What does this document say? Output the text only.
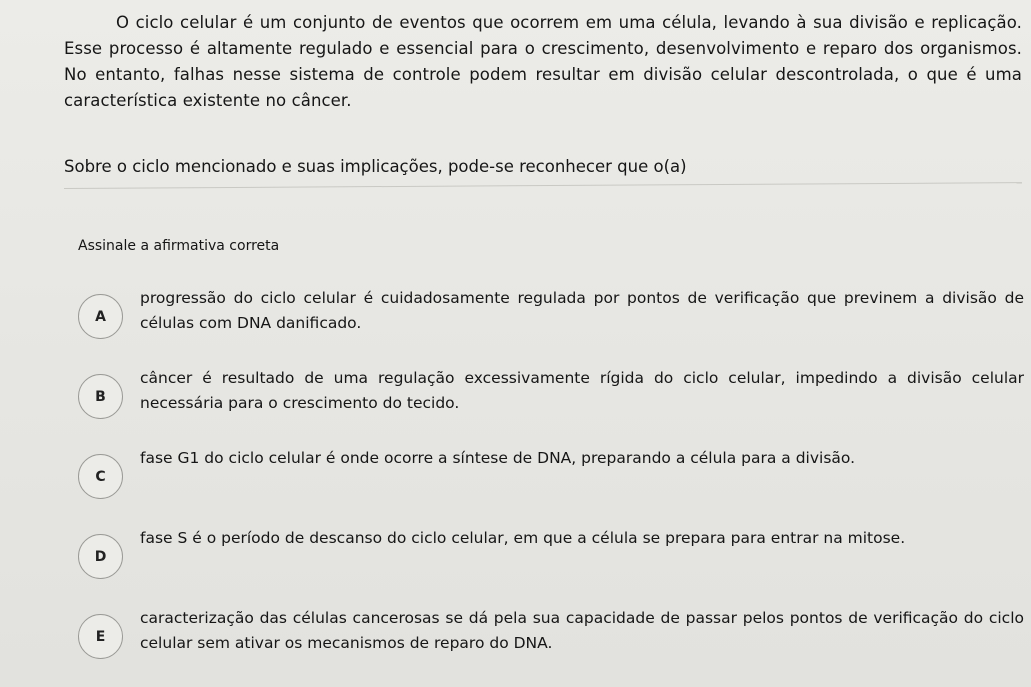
O ciclo celular é um conjunto de eventos que ocorrem em uma célula, levando à sua divisão e replicação. Esse processo é altamente regulado e essencial para o crescimento, desenvolvimento e reparo dos organismos. No entanto, falhas nesse sistema de controle podem resultar em divisão celular descontrolada, o que é uma característica existente no câncer.

Sobre o ciclo mencionado e suas implicações, pode-se reconhecer que o(a)

Assinale a afirmativa correta

A

progressão do ciclo celular é cuidadosamente regulada por pontos de verificação que previnem a divisão de células com DNA danificado.

B

câncer é resultado de uma regulação excessivamente rígida do ciclo celular, impedindo a divisão celular necessária para o crescimento do tecido.

C

fase G1 do ciclo celular é onde ocorre a síntese de DNA, preparando a célula para a divisão.

D

fase S é o período de descanso do ciclo celular, em que a célula se prepara para entrar na mitose.

E

caracterização das células cancerosas se dá pela sua capacidade de passar pelos pontos de verificação do ciclo celular sem ativar os mecanismos de reparo do DNA.
